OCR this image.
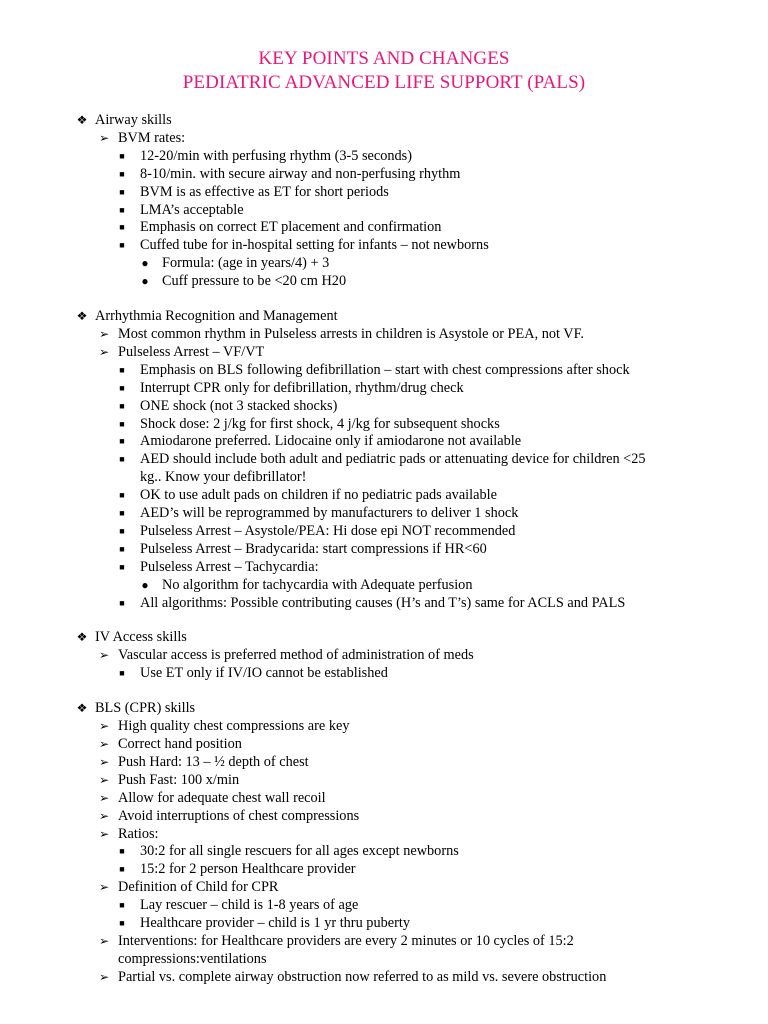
KEY POINTS AND CHANGES
PEDIATRIC ADVANCED LIFE SUPPORT (PALS)
❖ Airway skills
➢ BVM rates:
■ 12-20/min with perfusing rhythm (3-5 seconds)
■ 8-10/min. with secure airway and non-perfusing rhythm
■ BVM is as effective as ET for short periods
■ LMA’s acceptable
■ Emphasis on correct ET placement and confirmation
■ Cuffed tube for in-hospital setting for infants – not newborns
● Formula: (age in years/4) + 3
● Cuff pressure to be <20 cm H20
❖ Arrhythmia Recognition and Management
➢ Most common rhythm in Pulseless arrests in children is Asystole or PEA, not VF.
➢ Pulseless Arrest – VF/VT
■ Emphasis on BLS following defibrillation – start with chest compressions after shock
■ Interrupt CPR only for defibrillation, rhythm/drug check
■ ONE shock (not 3 stacked shocks)
■ Shock dose: 2 j/kg for first shock, 4 j/kg for subsequent shocks
■ Amiodarone preferred. Lidocaine only if amiodarone not available
■ AED should include both adult and pediatric pads or attenuating device for children <25 kg.. Know your defibrillator!
■ OK to use adult pads on children if no pediatric pads available
■ AED’s will be reprogrammed by manufacturers to deliver 1 shock
■ Pulseless Arrest – Asystole/PEA: Hi dose epi NOT recommended
■ Pulseless Arrest – Bradycarida: start compressions if HR<60
■ Pulseless Arrest – Tachycardia:
● No algorithm for tachycardia with Adequate perfusion
■ All algorithms: Possible contributing causes (H’s and T’s) same for ACLS and PALS
❖ IV Access skills
➢ Vascular access is preferred method of administration of meds
■ Use ET only if IV/IO cannot be established
❖ BLS (CPR) skills
➢ High quality chest compressions are key
➢ Correct hand position
➢ Push Hard: 13 – ½ depth of chest
➢ Push Fast: 100 x/min
➢ Allow for adequate chest wall recoil
➢ Avoid interruptions of chest compressions
➢ Ratios:
■ 30:2 for all single rescuers for all ages except newborns
■ 15:2 for 2 person Healthcare provider
➢ Definition of Child for CPR
■ Lay rescuer – child is 1-8 years of age
■ Healthcare provider – child is 1 yr thru puberty
➢ Interventions: for Healthcare providers are every 2 minutes or 10 cycles of 15:2 compressions:ventilations
➢ Partial vs. complete airway obstruction now referred to as mild vs. severe obstruction
